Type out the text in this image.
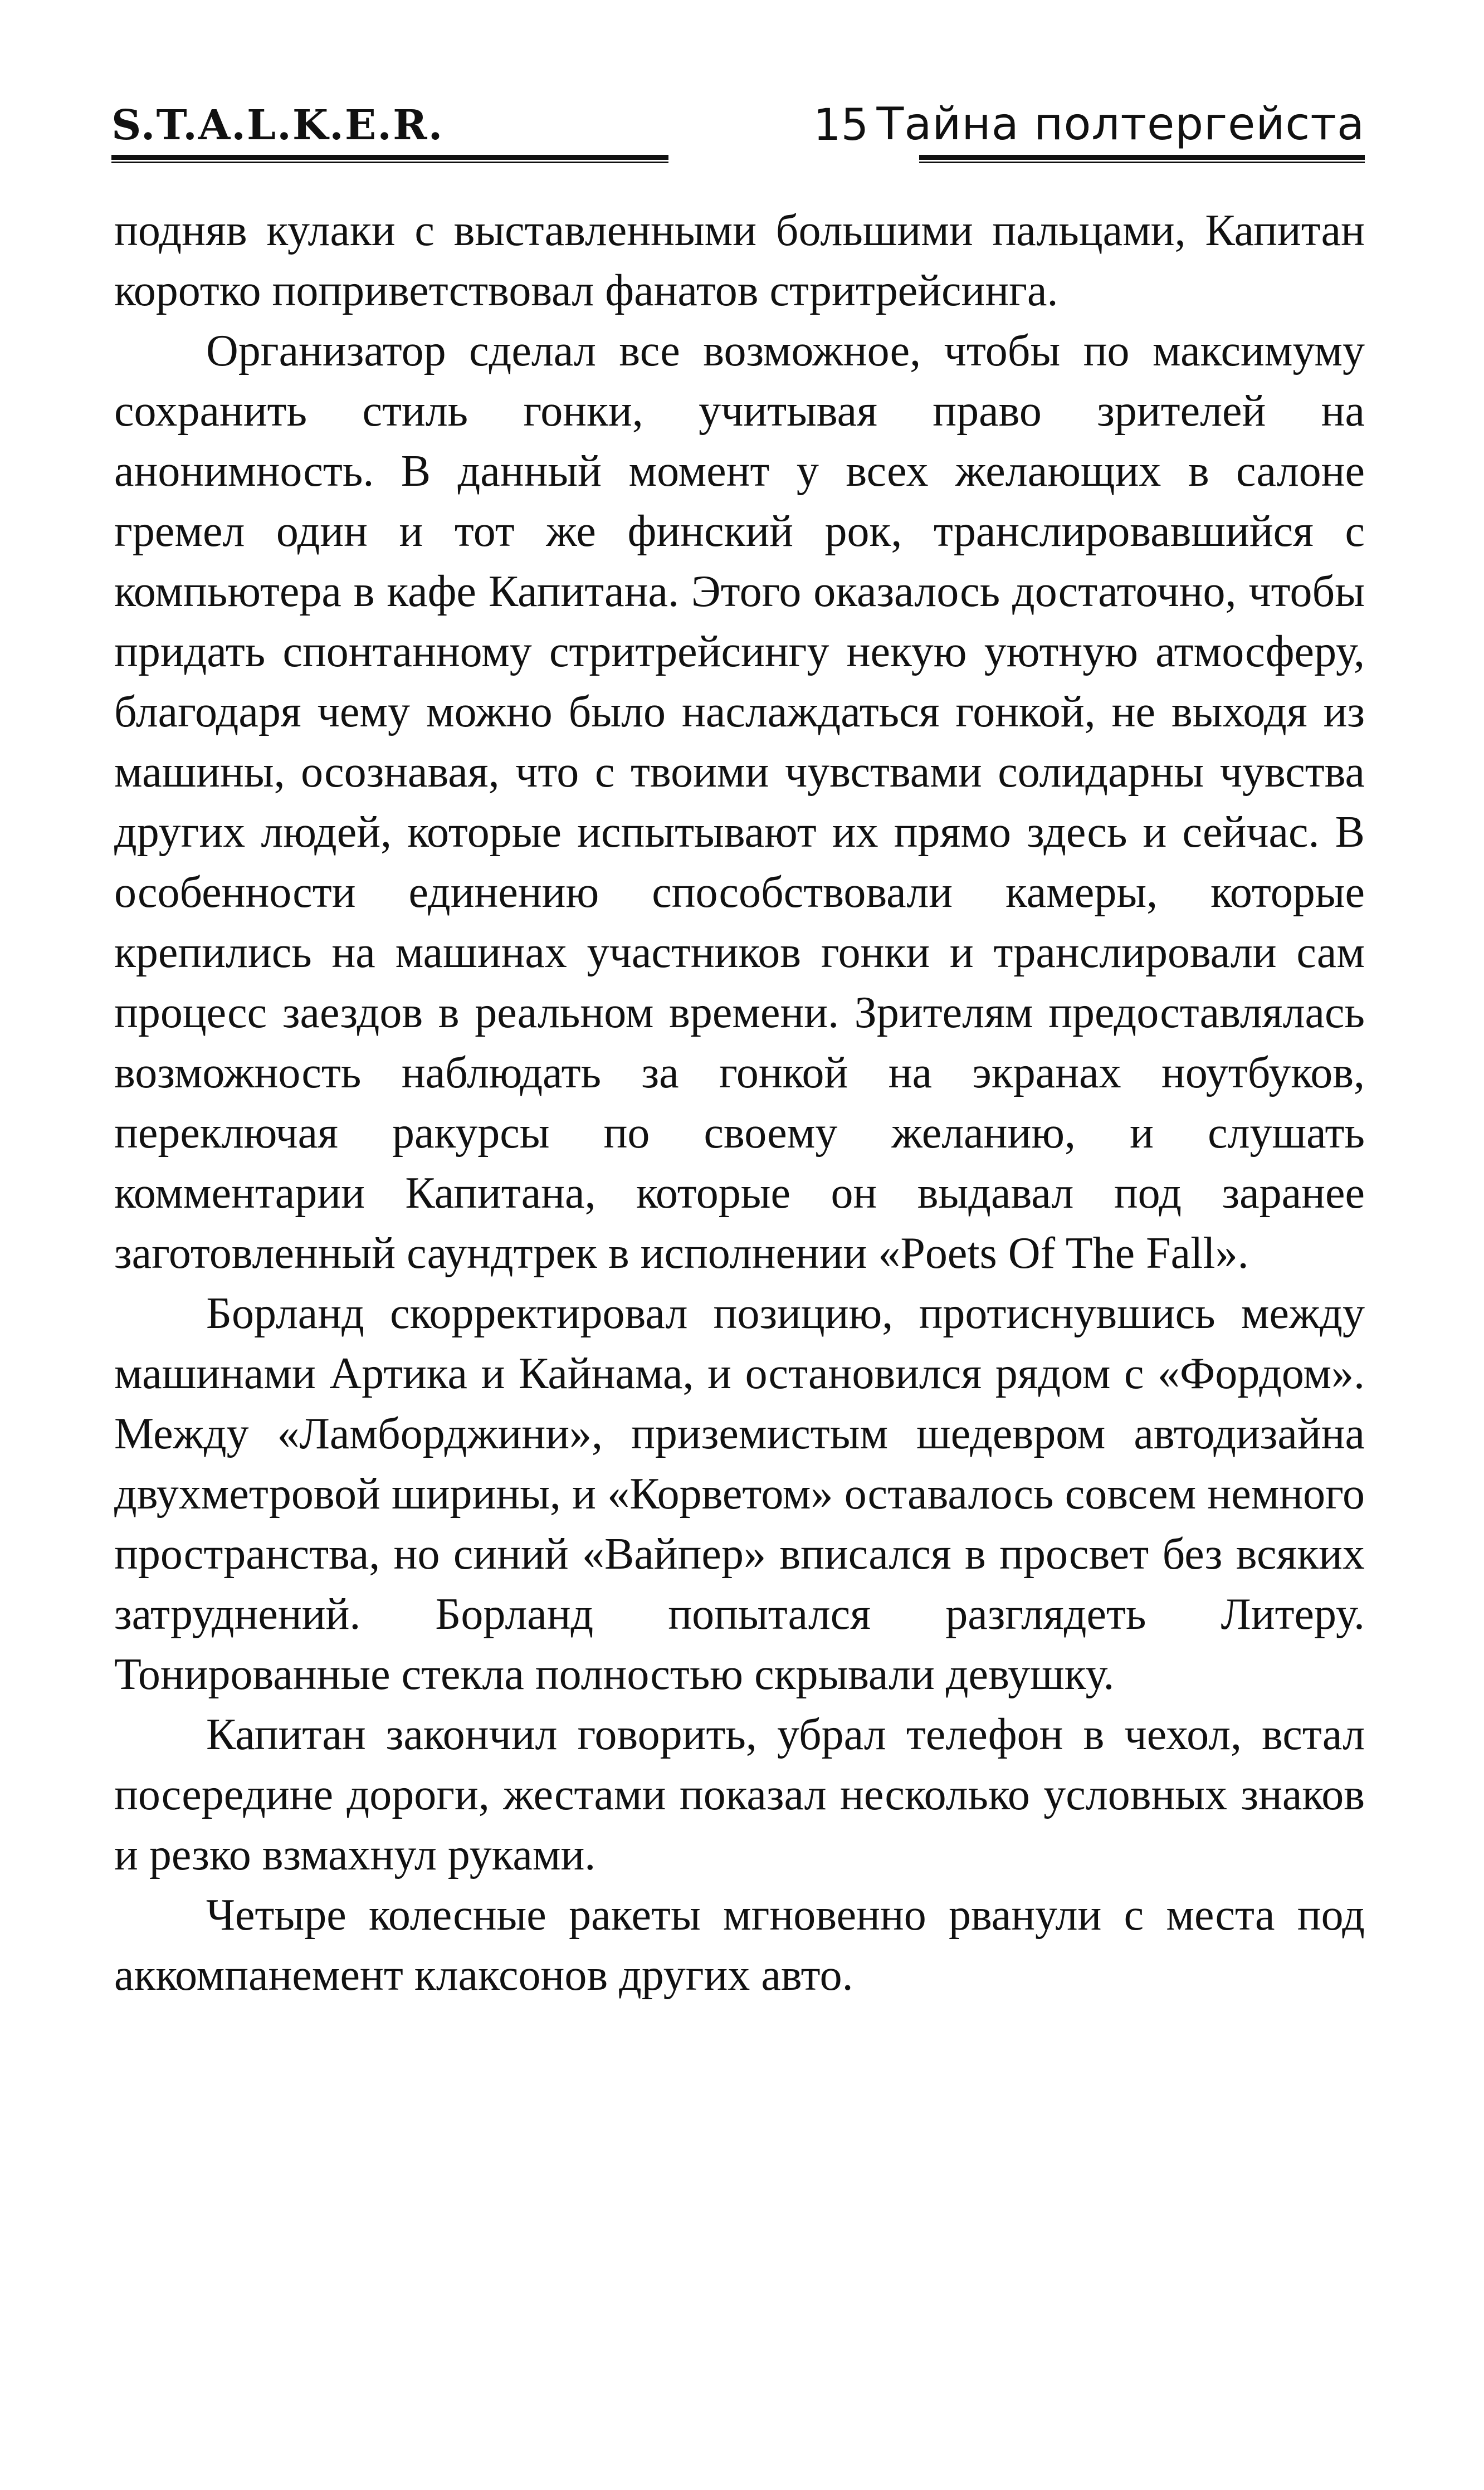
S.T.A.L.K.E.R.	15 Тайна полтергейста

подняв кулаки с выставленными большими пальцами, Капитан коротко поприветствовал фанатов стритрейсинга.

Организатор сделал все возможное, чтобы по максимуму сохранить стиль гонки, учитывая право зрителей на анонимность. В данный момент у всех желающих в салоне гремел один и тот же финский рок, транслировавшийся с компьютера в кафе Капитана. Этого оказалось достаточно, чтобы придать спонтанному стритрейсингу некую уютную атмосферу, благодаря чему можно было наслаждаться гонкой, не выходя из машины, осознавая, что с твоими чувствами солидарны чувства других людей, которые испытывают их прямо здесь и сейчас. В особенности единению способствовали камеры, которые крепились на машинах участников гонки и транслировали сам процесс заездов в реальном времени. Зрителям предоставлялась возможность наблюдать за гонкой на экранах ноутбуков, переключая ракурсы по своему желанию, и слушать комментарии Капитана, которые он выдавал под заранее заготовленный саундтрек в исполнении «Poets Of The Fall».

Борланд скорректировал позицию, протиснувшись между машинами Артика и Кайнама, и остановился рядом с «Фордом». Между «Ламборджини», приземистым шедевром автодизайна двухметровой ширины, и «Корветом» оставалось совсем немного пространства, но синий «Вайпер» вписался в просвет без всяких затруднений. Борланд попытался разглядеть Литеру. Тонированные стекла полностью скрывали девушку.

Капитан закончил говорить, убрал телефон в чехол, встал посередине дороги, жестами показал несколько условных знаков и резко взмахнул руками.

Четыре колесные ракеты мгновенно рванули с места под аккомпанемент клаксонов других авто.
